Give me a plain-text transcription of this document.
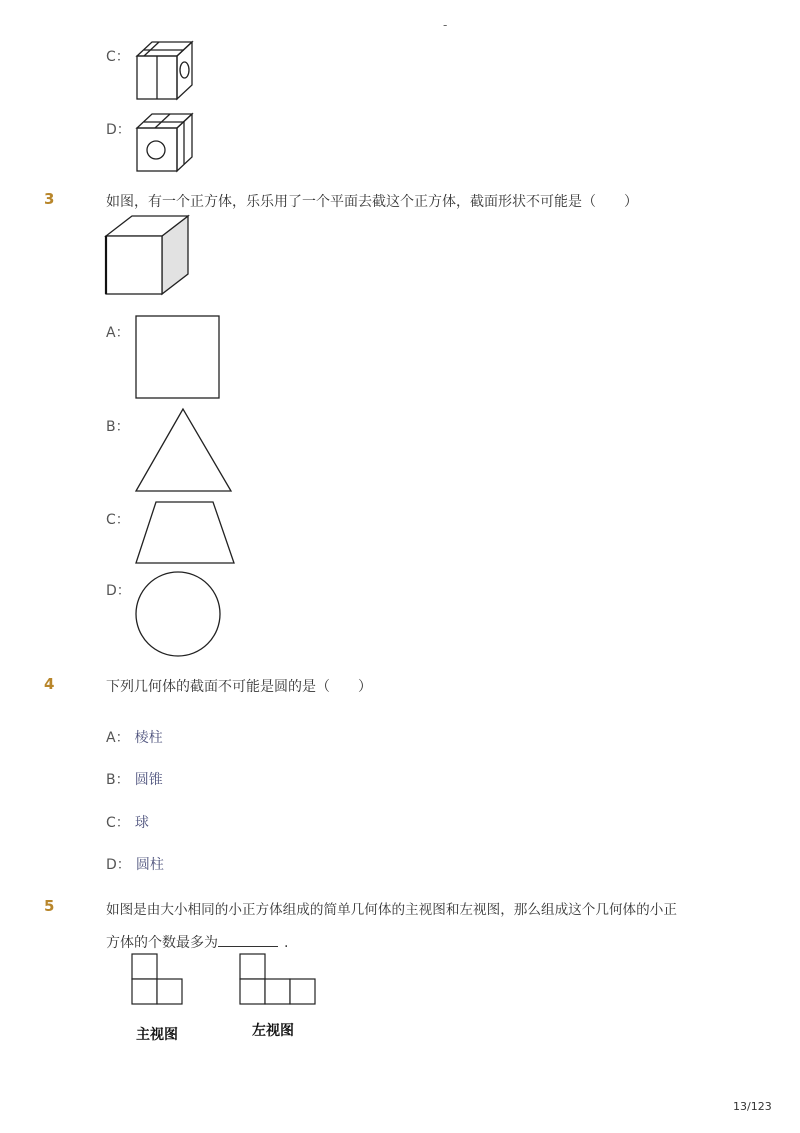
-
C：
D：
3	如图，有一个正方体，乐乐用了一个平面去截这个正方体，截面形状不可能是（　　）
A：
B：
C：
D：
4	下列几何体的截面不可能是圆的是（　　）
A： 棱柱
B： 圆锥
C： 球
D： 圆柱
5	如图是由大小相同的小正方体组成的简单几何体的主视图和左视图，那么组成这个几何体的小正
方体的个数最多为	.
主视图	左视图
13/123
